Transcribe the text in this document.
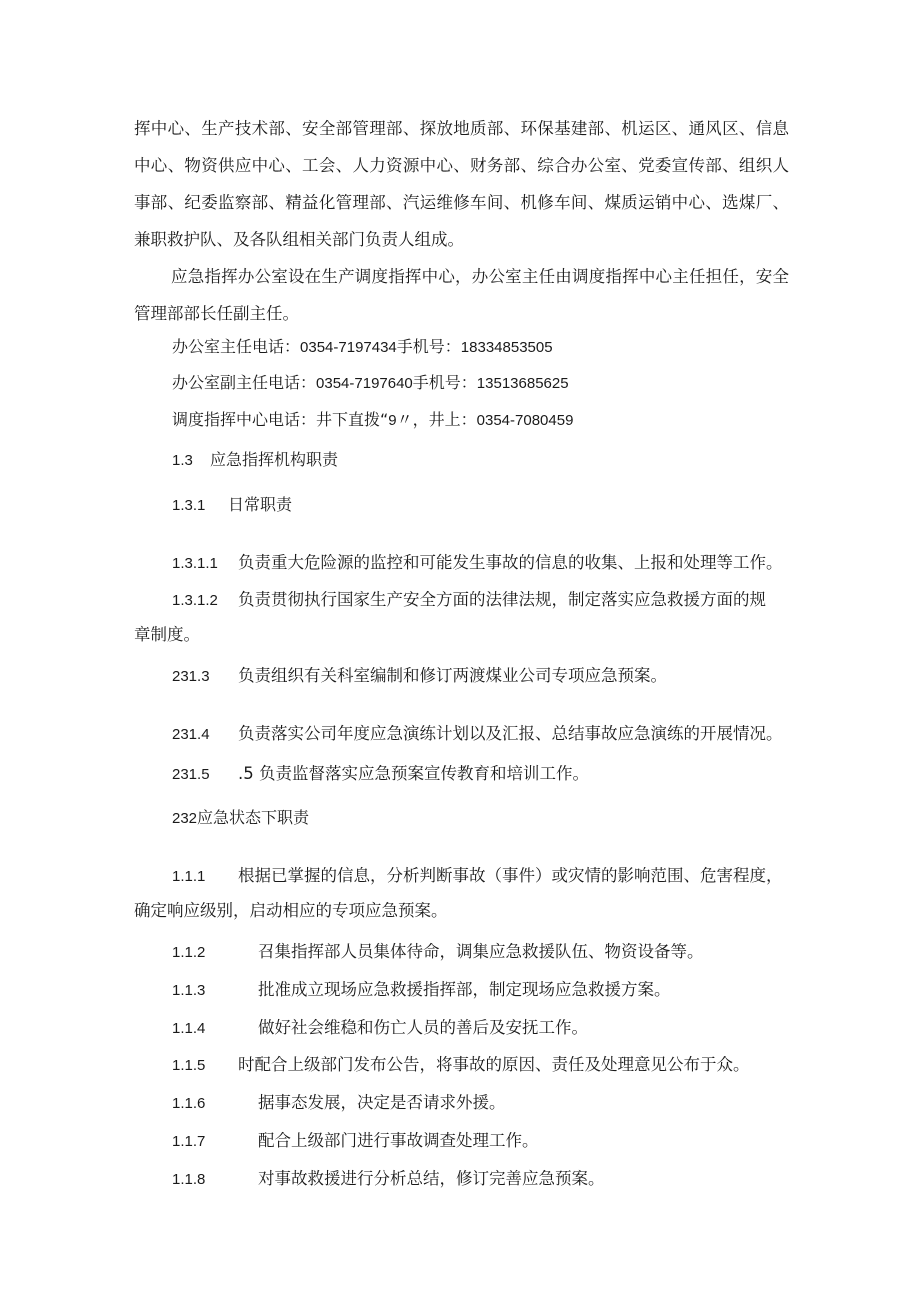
挥中心、生产技术部、安全部管理部、探放地质部、环保基建部、机运区、通风区、信息中心、物资供应中心、工会、人力资源中心、财务部、综合办公室、党委宣传部、组织人事部、纪委监察部、精益化管理部、汽运维修车间、机修车间、煤质运销中心、选煤厂、兼职救护队、及各队组相关部门负责人组成。

应急指挥办公室设在生产调度指挥中心，办公室主任由调度指挥中心主任担任，安全管理部部长任副主任。

办公室主任电话：0354-7197434手机号：18334853505

办公室副主任电话：0354-7197640手机号：13513685625

调度指挥中心电话：井下直拨“9〃，井上：0354-7080459

1.3 应急指挥机构职责

1.3.1 日常职责

1.3.1.1 负责重大危险源的监控和可能发生事故的信息的收集、上报和处理等工作。
1.3.1.2 负责贯彻执行国家生产安全方面的法律法规，制定落实应急救援方面的规
章制度。
231.3 负责组织有关科室编制和修订两渡煤业公司专项应急预案。
231.4 负责落实公司年度应急演练计划以及汇报、总结事故应急演练的开展情况。
231.5 .5 负责监督落实应急预案宣传教育和培训工作。

232应急状态下职责

1.1.1 根据已掌握的信息，分析判断事故（事件）或灾情的影响范围、危害程度，
确定响应级别，启动相应的专项应急预案。
1.1.2	召集指挥部人员集体待命，调集应急救援队伍、物资设备等。
1.1.3	批准成立现场应急救援指挥部，制定现场应急救援方案。
1.1.4	做好社会维稳和伤亡人员的善后及安抚工作。
1.1.5 时配合上级部门发布公告，将事故的原因、责任及处理意见公布于众。
1.1.6	据事态发展，决定是否请求外援。
1.1.7	配合上级部门进行事故调查处理工作。
1.1.8	对事故救援进行分析总结，修订完善应急预案。
